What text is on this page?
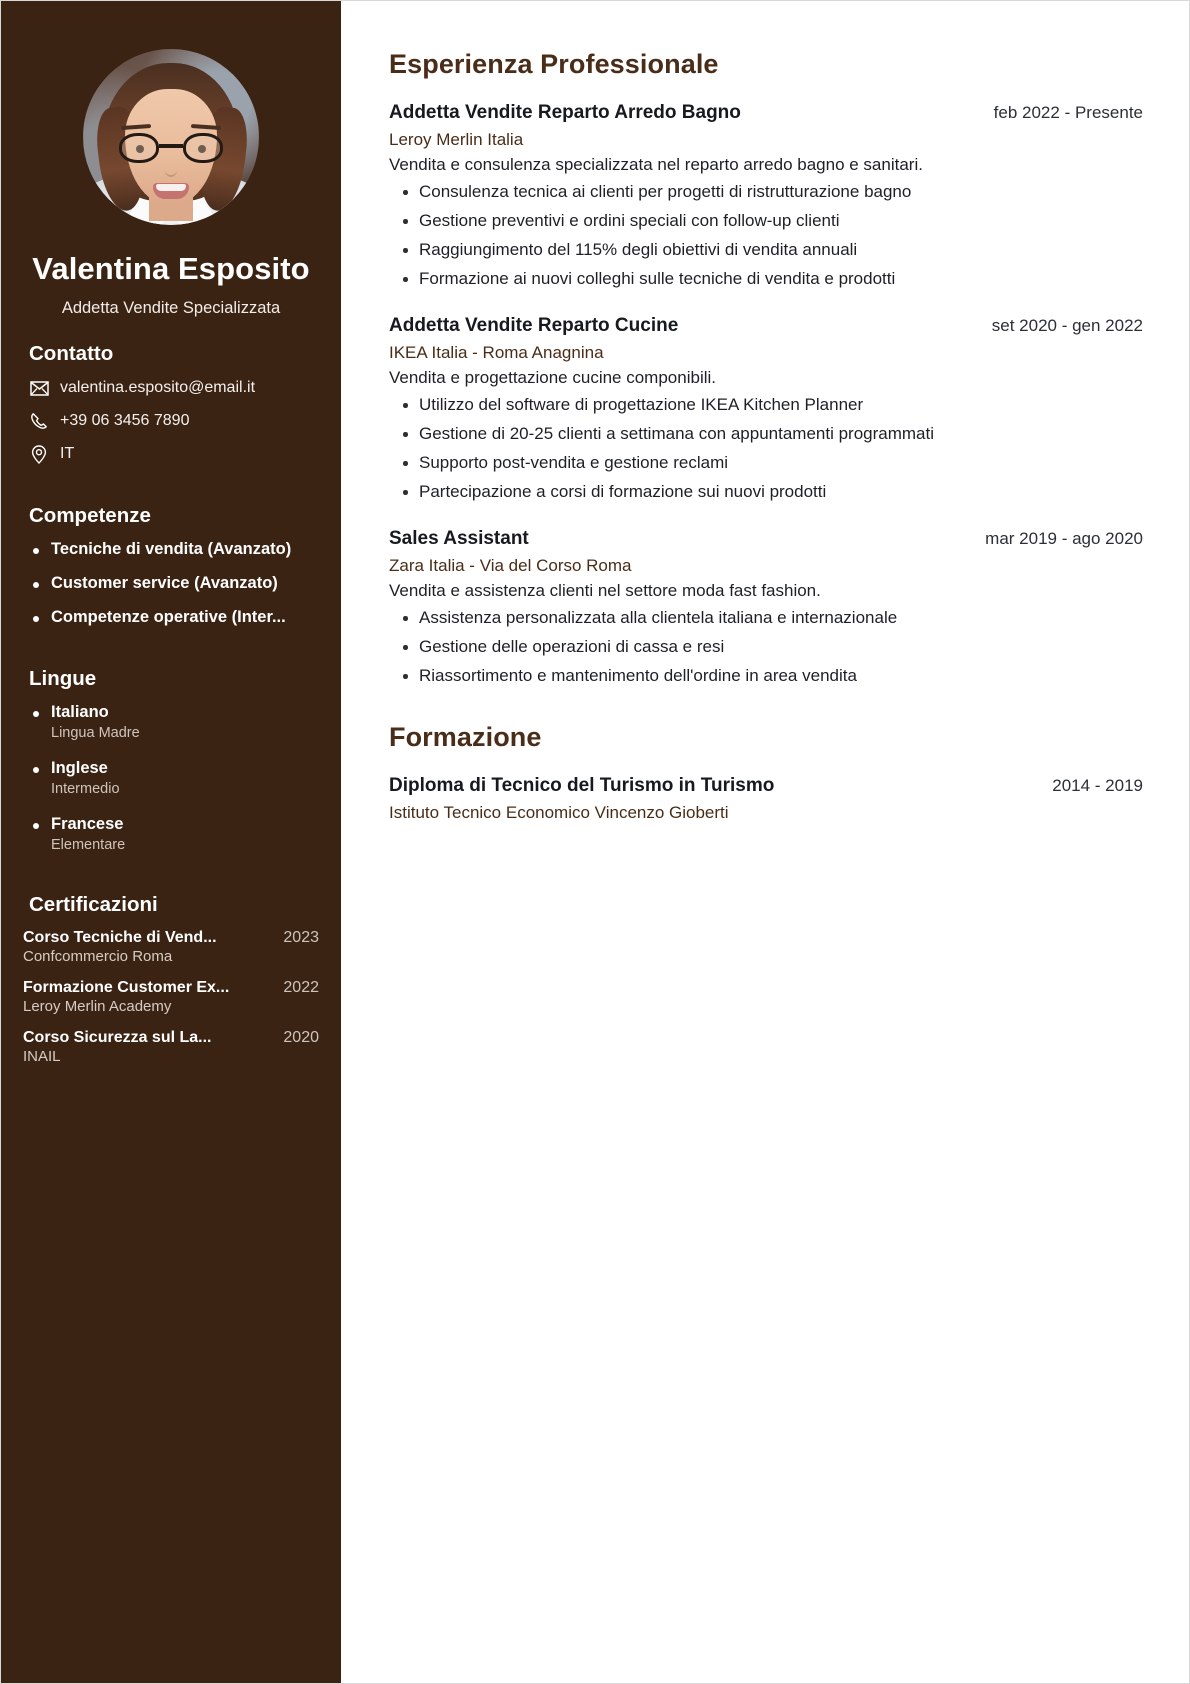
Valentina Esposito
Addetta Vendite Specializzata
Contatto
valentina.esposito@email.it
+39 06 3456 7890
IT
Competenze
Tecniche di vendita (Avanzato)
Customer service (Avanzato)
Competenze operative (Inter...
Lingue
Italiano
Lingua Madre
Inglese
Intermedio
Francese
Elementare
Certificazioni
Corso Tecniche di Vend...	2023
Confcommercio Roma
Formazione Customer Ex...	2022
Leroy Merlin Academy
Corso Sicurezza sul La...	2020
INAIL
Esperienza Professionale
Addetta Vendite Reparto Arredo Bagno	feb 2022 - Presente
Leroy Merlin Italia
Vendita e consulenza specializzata nel reparto arredo bagno e sanitari.
Consulenza tecnica ai clienti per progetti di ristrutturazione bagno
Gestione preventivi e ordini speciali con follow-up clienti
Raggiungimento del 115% degli obiettivi di vendita annuali
Formazione ai nuovi colleghi sulle tecniche di vendita e prodotti
Addetta Vendite Reparto Cucine	set 2020 - gen 2022
IKEA Italia - Roma Anagnina
Vendita e progettazione cucine componibili.
Utilizzo del software di progettazione IKEA Kitchen Planner
Gestione di 20-25 clienti a settimana con appuntamenti programmati
Supporto post-vendita e gestione reclami
Partecipazione a corsi di formazione sui nuovi prodotti
Sales Assistant	mar 2019 - ago 2020
Zara Italia - Via del Corso Roma
Vendita e assistenza clienti nel settore moda fast fashion.
Assistenza personalizzata alla clientela italiana e internazionale
Gestione delle operazioni di cassa e resi
Riassortimento e mantenimento dell'ordine in area vendita
Formazione
Diploma di Tecnico del Turismo in Turismo	2014 - 2019
Istituto Tecnico Economico Vincenzo Gioberti
